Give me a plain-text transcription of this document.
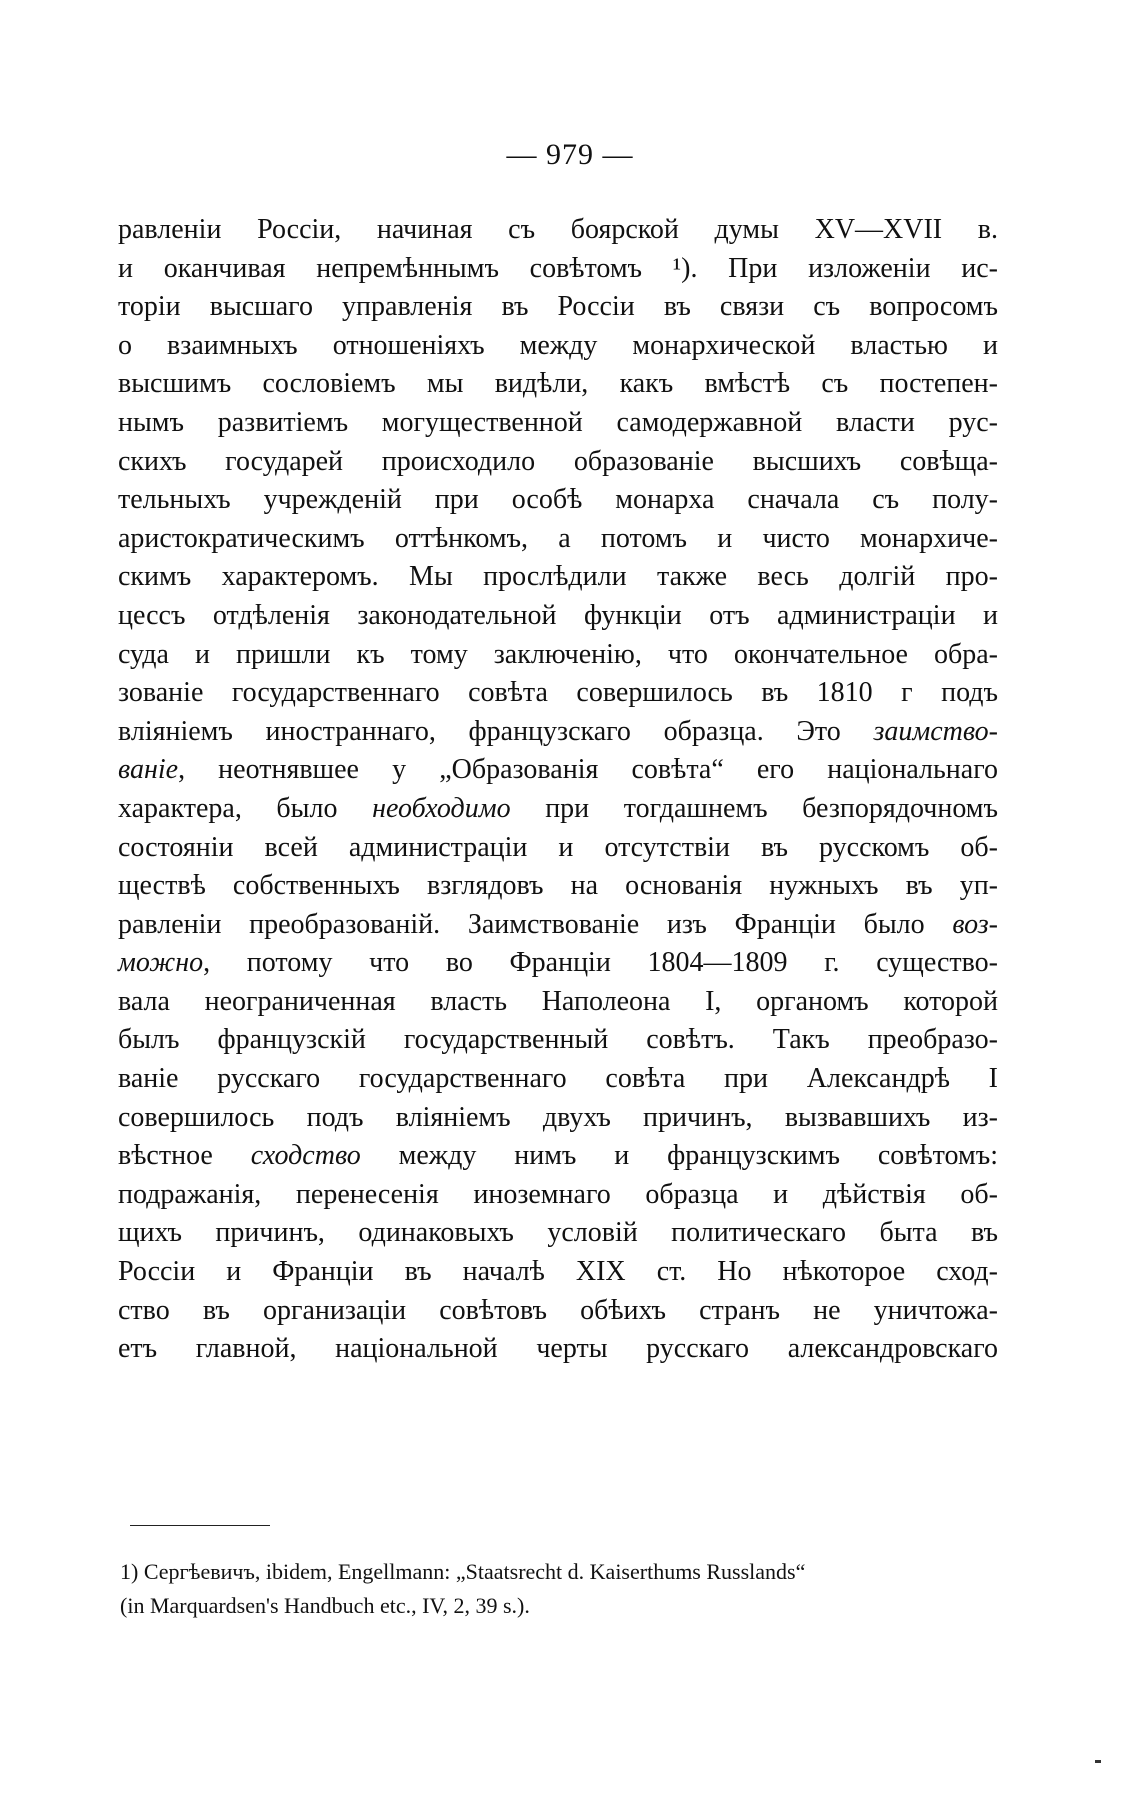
— 979 —
равленіи Россіи, начиная съ боярской думы XV—XVII в.
и оканчивая непремѣннымъ совѣтомъ ¹). При изложеніи ис-
торіи высшаго управленія въ Россіи въ связи съ вопросомъ
о взаимныхъ отношеніяхъ между монархической властью и
высшимъ сословіемъ мы видѣли, какъ вмѣстѣ съ постепен-
нымъ развитіемъ могущественной самодержавной власти рус-
скихъ государей происходило образованіе высшихъ совѣща-
тельныхъ учрежденій при особѣ монарха сначала съ полу-
аристократическимъ оттѣнкомъ, а потомъ и чисто монархиче-
скимъ характеромъ. Мы прослѣдили также весь долгій про-
цессъ отдѣленія законодательной функціи отъ администраціи и
суда и пришли къ тому заключенію, что окончательное обра-
зованіе государственнаго совѣта совершилось въ 1810 г подъ
вліяніемъ иностраннаго, французскаго образца. Это заимство-
ваніе, неотнявшее у „Образованія совѣта“ его національнаго
характера, было необходимо при тогдашнемъ безпорядочномъ
состояніи всей администраціи и отсутствіи въ русскомъ об-
ществѣ собственныхъ взглядовъ на основанія нужныхъ въ уп-
равленіи преобразованій. Заимствованіе изъ Франціи было воз-
можно, потому что во Франціи 1804—1809 г. существо-
вала неограниченная власть Наполеона I, органомъ которой
былъ французскій государственный совѣтъ. Такъ преобразо-
ваніе русскаго государственнаго совѣта при Александрѣ I
совершилось подъ вліяніемъ двухъ причинъ, вызвавшихъ из-
вѣстное сходство между нимъ и французскимъ совѣтомъ:
подражанія, перенесенія иноземнаго образца и дѣйствія об-
щихъ причинъ, одинаковыхъ условій политическаго быта въ
Россіи и Франціи въ началѣ XIX ст. Но нѣкоторое сход-
ство въ организаціи совѣтовъ обѣихъ странъ не уничтожа-
етъ главной, національной черты русскаго александровскаго
1) Сергѣевичъ, ibidem, Engellmann: „Staatsrecht d. Kaiserthums Russlands“
(in Marquardsen's Handbuch etc., IV, 2, 39 s.).
